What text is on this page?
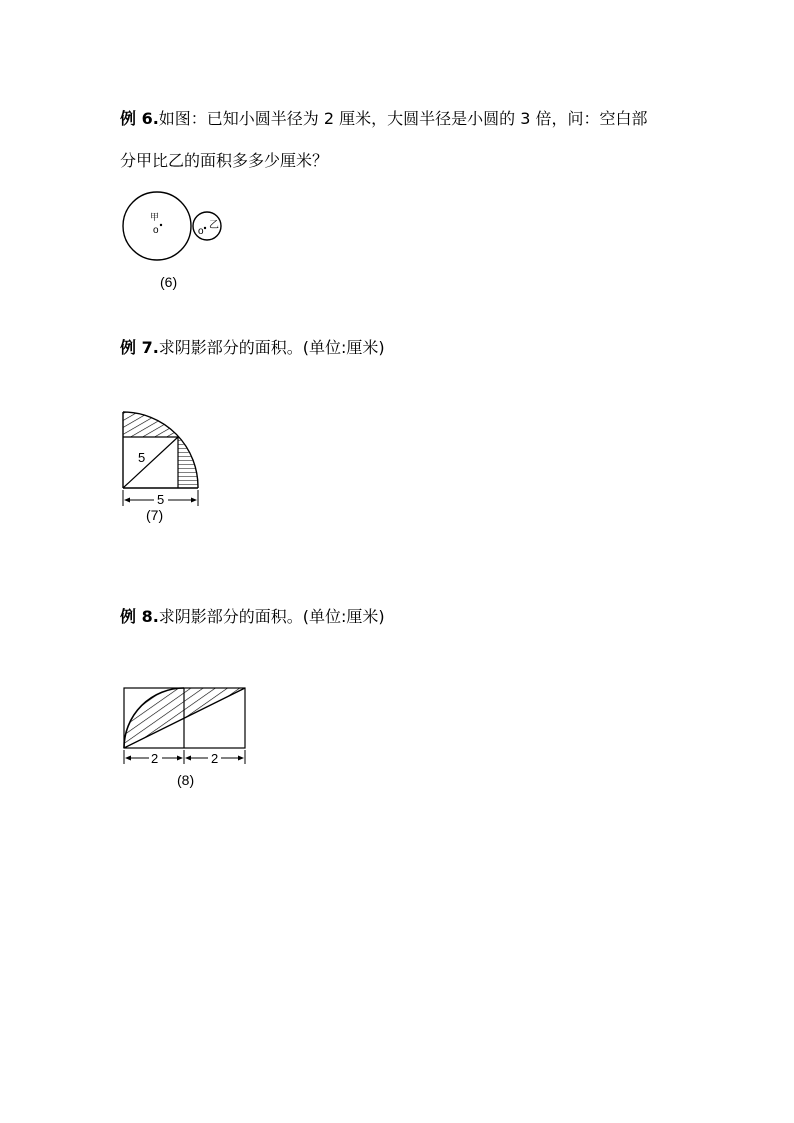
例 6.如图：已知小圆半径为 2 厘米，大圆半径是小圆的 3 倍，问：空白部
分甲比乙的面积多多少厘米？
甲
o	乙
o
(6)
例 7.求阴影部分的面积。(单位:厘米)
5
5
(7)
例 8.求阴影部分的面积。(单位:厘米)
2	2
(8)
